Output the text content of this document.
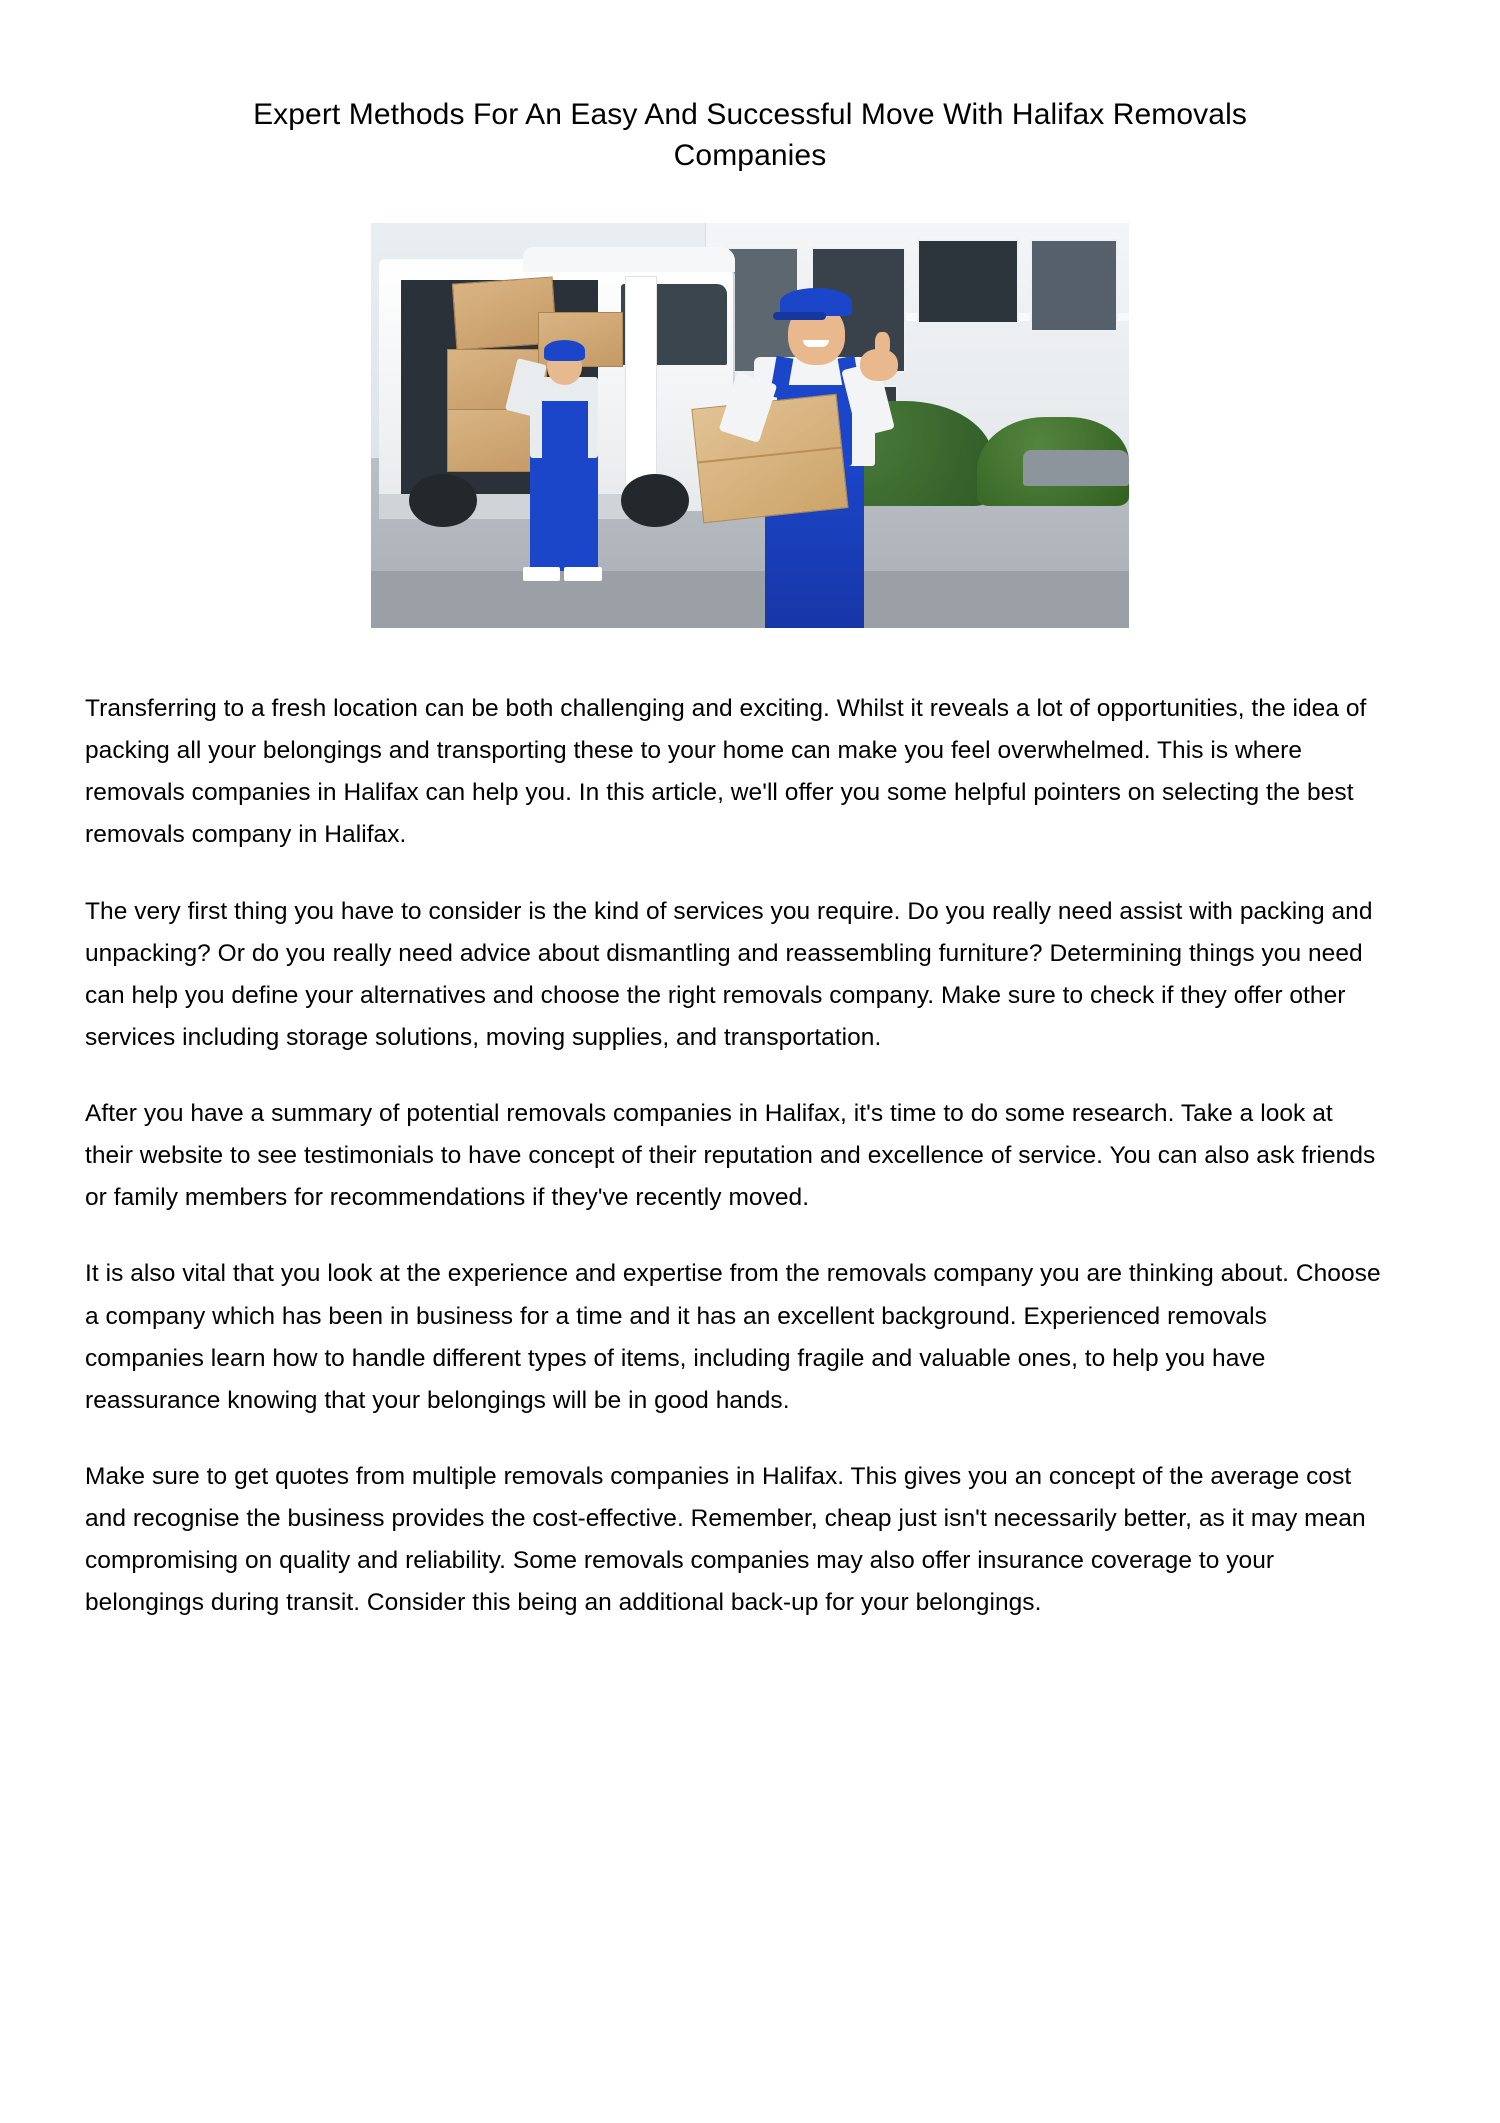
Expert Methods For An Easy And Successful Move With Halifax Removals Companies

Transferring to a fresh location can be both challenging and exciting. Whilst it reveals a lot of opportunities, the idea of packing all your belongings and transporting these to your home can make you feel overwhelmed. This is where removals companies in Halifax can help you. In this article, we'll offer you some helpful pointers on selecting the best removals company in Halifax.

The very first thing you have to consider is the kind of services you require. Do you really need assist with packing and unpacking? Or do you really need advice about dismantling and reassembling furniture? Determining things you need can help you define your alternatives and choose the right removals company. Make sure to check if they offer other services including storage solutions, moving supplies, and transportation.

After you have a summary of potential removals companies in Halifax, it's time to do some research. Take a look at their website to see testimonials to have concept of their reputation and excellence of service. You can also ask friends or family members for recommendations if they've recently moved.

It is also vital that you look at the experience and expertise from the removals company you are thinking about. Choose a company which has been in business for a time and it has an excellent background. Experienced removals companies learn how to handle different types of items, including fragile and valuable ones, to help you have reassurance knowing that your belongings will be in good hands.

Make sure to get quotes from multiple removals companies in Halifax. This gives you an concept of the average cost and recognise the business provides the cost-effective. Remember, cheap just isn't necessarily better, as it may mean compromising on quality and reliability. Some removals companies may also offer insurance coverage to your belongings during transit. Consider this being an additional back-up for your belongings.
